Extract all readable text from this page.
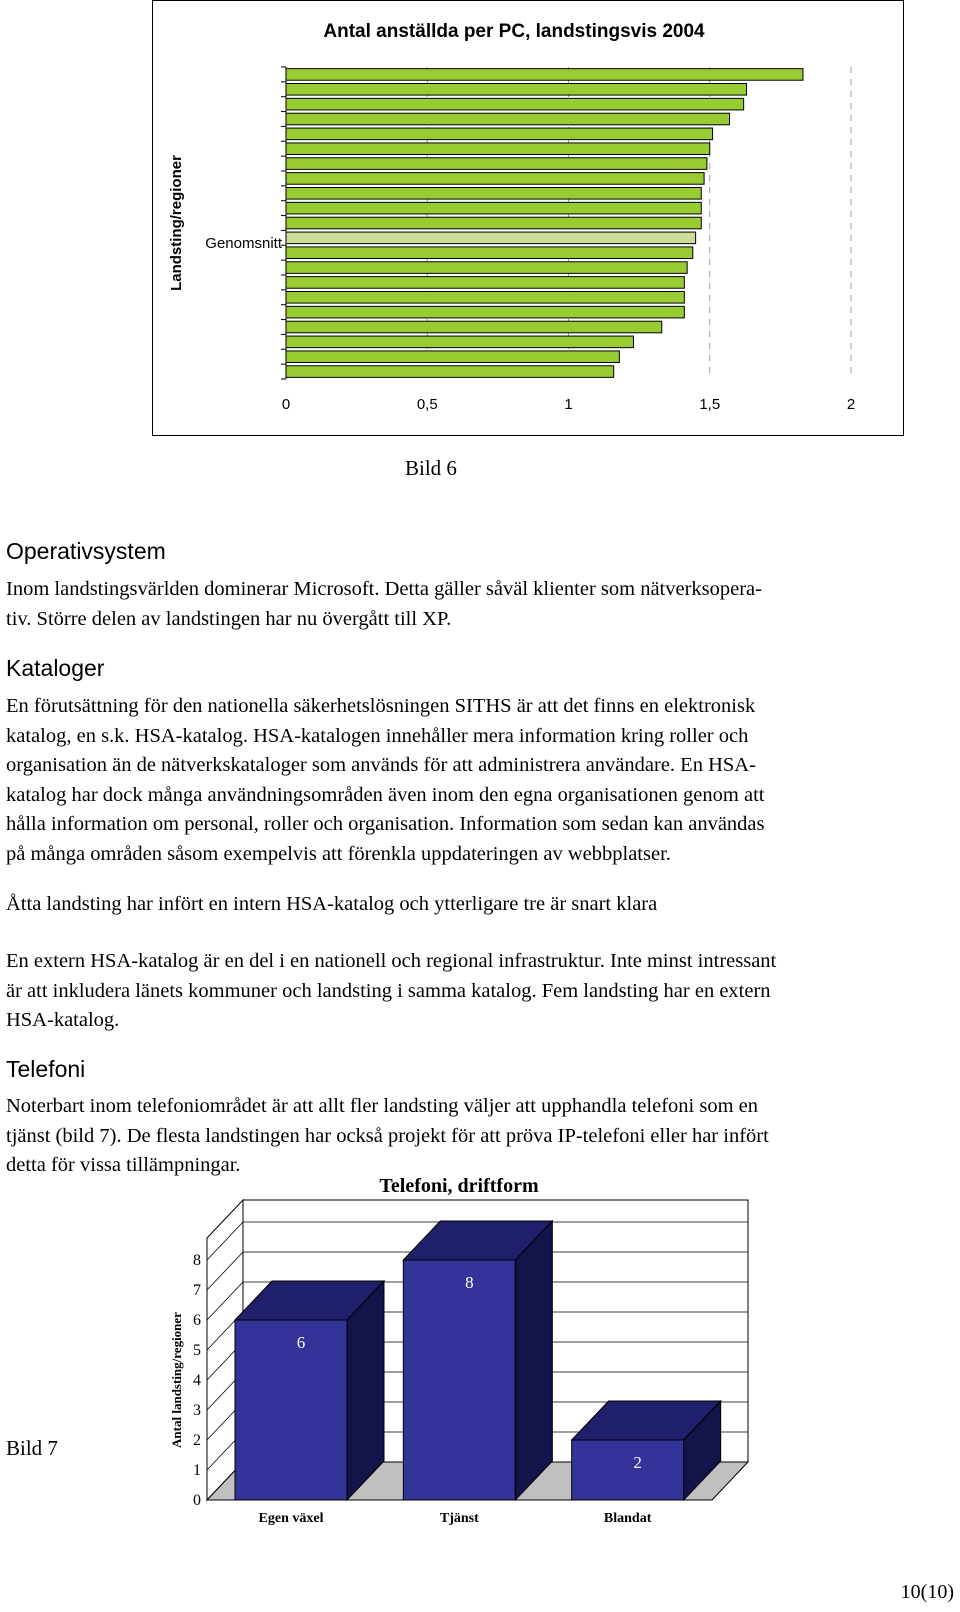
Antal anställda per PC, landstingsvis 2004
Landsting/regioner Genomsnitt
0	0,5	1	1,5	2
Bild 6
Operativsystem
Inom landstingsvärlden dominerar Microsoft. Detta gäller såväl klienter som nätverksopera-
tiv. Större delen av landstingen har nu övergått till XP.
Kataloger
En förutsättning för den nationella säkerhetslösningen SITHS är att det finns en elektronisk
katalog, en s.k. HSA-katalog. HSA-katalogen innehåller mera information kring roller och
organisation än de nätverkskataloger som används för att administrera användare. En HSA-
katalog har dock många användningsområden även inom den egna organisationen genom att
hålla information om personal, roller och organisation. Information som sedan kan användas
på många områden såsom exempelvis att förenkla uppdateringen av webbplatser.
Åtta landsting har infört en intern HSA-katalog och ytterligare tre är snart klara
En extern HSA-katalog är en del i en nationell och regional infrastruktur. Inte minst intressant
är att inkludera länets kommuner och landsting i samma katalog. Fem landsting har en extern
HSA-katalog.
Telefoni
Noterbart inom telefoniområdet är att allt fler landsting väljer att upphandla telefoni som en
tjänst (bild 7). De flesta landstingen har också projekt för att pröva IP-telefoni eller har infört
detta för vissa tillämpningar.
Telefoni, driftform
Antal landsting/regioner
0
1
2
3
4
5
6
7
8
6
Egen växel
8
Tjänst
2
Blandat
Bild 7
10(10)
